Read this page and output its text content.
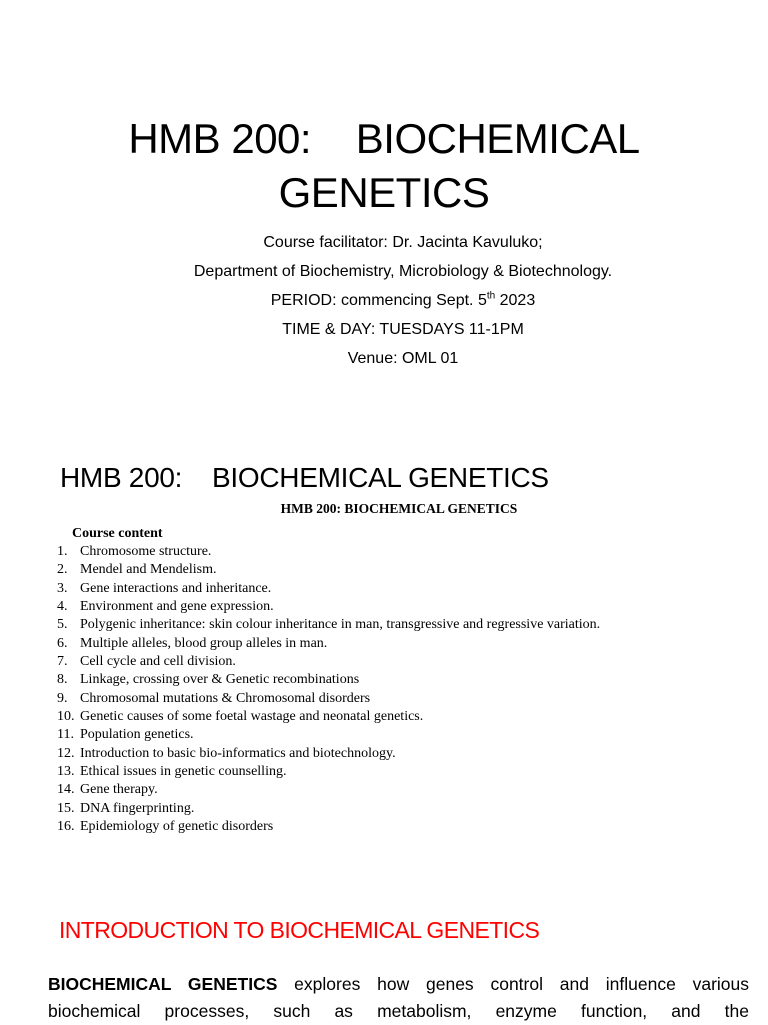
HMB 200:    BIOCHEMICAL
GENETICS
Course facilitator: Dr. Jacinta Kavuluko;
Department of Biochemistry, Microbiology & Biotechnology.
PERIOD: commencing Sept. 5th 2023
TIME & DAY: TUESDAYS 11-1PM
Venue: OML 01
HMB 200:    BIOCHEMICAL GENETICS
HMB 200: BIOCHEMICAL GENETICS
Course content
1. Chromosome structure.
2. Mendel and Mendelism.
3. Gene interactions and inheritance.
4. Environment and gene expression.
5. Polygenic inheritance: skin colour inheritance in man, transgressive and regressive variation.
6. Multiple alleles, blood group alleles in man.
7. Cell cycle and cell division.
8. Linkage, crossing over & Genetic recombinations
9. Chromosomal mutations & Chromosomal disorders
10. Genetic causes of some foetal wastage and neonatal genetics.
11. Population genetics.
12. Introduction to basic bio-informatics and biotechnology.
13. Ethical issues in genetic counselling.
14. Gene therapy.
15. DNA fingerprinting.
16. Epidemiology of genetic disorders
INTRODUCTION TO BIOCHEMICAL GENETICS
BIOCHEMICAL GENETICS explores how genes control and influence various
biochemical processes, such as metabolism, enzyme function, and the
